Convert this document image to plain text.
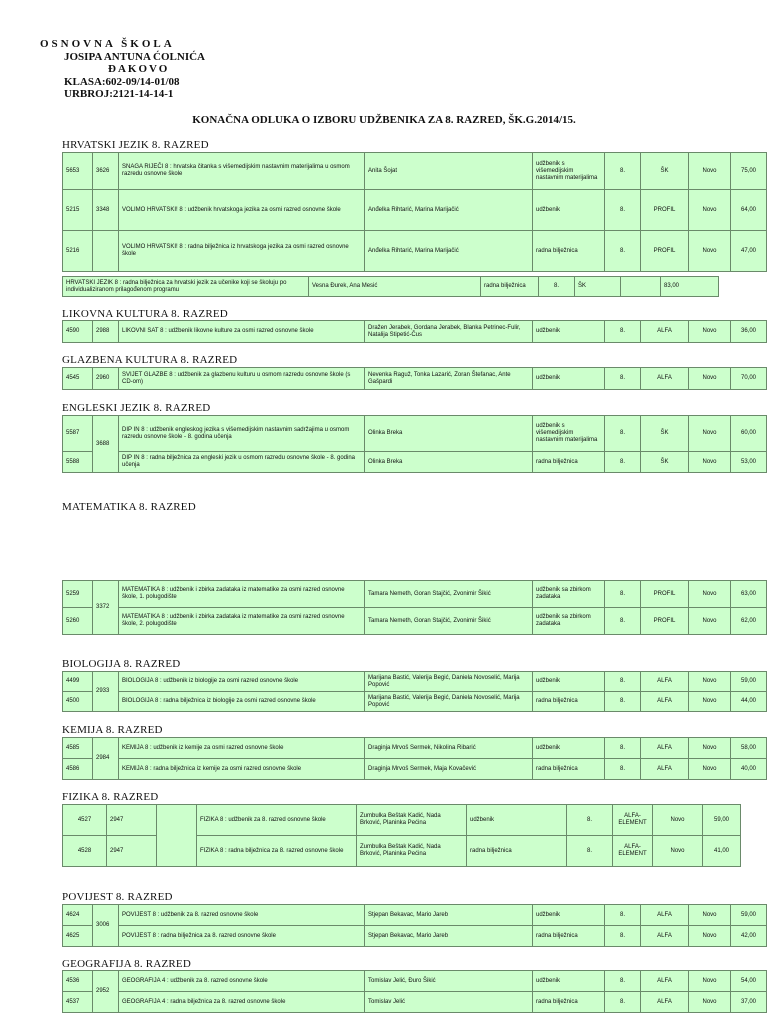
OSNOVNA ŠKOLA
JOSIPA ANTUNA ĆOLNIĆA
ĐAKOVO
KLASA:602-09/14-01/08
URBROJ:2121-14-14-1
KONAČNA ODLUKA O IZBORU UDŽBENIKA ZA 8. RAZRED, ŠK.G.2014/15.
HRVATSKI JEZIK 8. RAZRED
5653	3626	SNAGA RIJEČI 8 : hrvatska čitanka s višemedijskim nastavnim materijalima u osmom razredu osnovne škole	Anita Šojat	udžbenik s višemedijskim nastavnim materijalima	8.	ŠK	Novo	75,00
5215	3348	VOLIMO HRVATSKI! 8 : udžbenik hrvatskoga jezika za osmi razred osnovne škole	Anđelka Rihtarić, Marina Marijačić	udžbenik	8.	PROFIL	Novo	64,00
5216		VOLIMO HRVATSKI! 8 : radna bilježnica iz hrvatskoga jezika za osmi razred osnovne škole	Anđelka Rihtarić, Marina Marijačić	radna bilježnica	8.	PROFIL	Novo	47,00
HRVATSKI JEZIK 8 : radna bilježnica za hrvatski jezik za učenike koji se školuju po individualiziranom prilagođenom programu	Vesna Đurek, Ana Mesić	radna bilježnica	8.	ŠK		83,00
LIKOVNA KULTURA 8. RAZRED
4590	2988	LIKOVNI SAT 8 : udžbenik likovne kulture za osmi razred osnovne škole	Dražen Jerabek, Gordana Jerabek, Blanka Petrinec-Fulir, Natalija Stipetić-Čus	udžbenik	8.	ALFA	Novo	36,00
GLAZBENA KULTURA 8. RAZRED
4545	2960	SVIJET GLAZBE 8 : udžbenik za glazbenu kulturu u osmom razredu osnovne škole (s CD-om)	Nevenka Raguž, Tonka Lazarić, Zoran Štefanac, Ante Gašpardi	udžbenik	8.	ALFA	Novo	70,00
ENGLESKI JEZIK 8. RAZRED
5587	3688	DIP IN 8 : udžbenik engleskog jezika s višemedijskim nastavnim sadržajima u osmom razredu osnovne škole - 8. godina učenja	Olinka Breka	udžbenik s višemedijskim nastavnim materijalima	8.	ŠK	Novo	60,00
5588		DIP IN 8 : radna bilježnica za engleski jezik u osmom razredu osnovne škole - 8. godina učenja	Olinka Breka	radna bilježnica	8.	ŠK	Novo	53,00
MATEMATIKA 8. RAZRED
5259	3372	MATEMATIKA 8 : udžbenik i zbirka zadataka iz matematike za osmi razred osnovne škole, 1. polugodište	Tamara Nemeth, Goran Stajčić, Zvonimir Šikić	udžbenik sa zbirkom zadataka	8.	PROFIL	Novo	63,00
5260		MATEMATIKA 8 : udžbenik i zbirka zadataka iz matematike za osmi razred osnovne škole, 2. polugodište	Tamara Nemeth, Goran Stajčić, Zvonimir Šikić	udžbenik sa zbirkom zadataka	8.	PROFIL	Novo	62,00
BIOLOGIJA 8. RAZRED
4499	2933	BIOLOGIJA 8 : udžbenik iz biologije za osmi razred osnovne škole	Marijana Bastić, Valerija Begić, Daniela Novoselić, Marija Popović	udžbenik	8.	ALFA	Novo	59,00
4500		BIOLOGIJA 8 : radna bilježnica iz biologije za osmi razred osnovne škole	Marijana Bastić, Valerija Begić, Daniela Novoselić, Marija Popović	radna bilježnica	8.	ALFA	Novo	44,00
KEMIJA 8. RAZRED
4585	2984	KEMIJA 8 : udžbenik iz kemije za osmi razred osnovne škole	Draginja Mrvoš Sermek, Nikolina Ribarić	udžbenik	8.	ALFA	Novo	58,00
4586		KEMIJA 8 : radna bilježnica iz kemije za osmi razred osnovne škole	Draginja Mrvoš Sermek, Maja Kovačević	radna bilježnica	8.	ALFA	Novo	40,00
FIZIKA 8. RAZRED
4527	2947		FIZIKA 8 : udžbenik za 8. razred osnovne škole	Zumbulka Beštak Kadić, Nada Brković, Planinka Pećina	udžbenik	8.	ALFA-ELEMENT	Novo	59,00
4528	2947		FIZIKA 8 : radna bilježnica za 8. razred osnovne škole	Zumbulka Beštak Kadić, Nada Brković, Planinka Pećina	radna bilježnica	8.	ALFA-ELEMENT	Novo	41,00
POVIJEST 8. RAZRED
4624	3006	POVIJEST 8 : udžbenik za 8. razred osnovne škole	Stjepan Bekavac, Mario Jareb	udžbenik	8.	ALFA	Novo	59,00
4625		POVIJEST 8 : radna bilježnica za 8. razred osnovne škole	Stjepan Bekavac, Mario Jareb	radna bilježnica	8.	ALFA	Novo	42,00
GEOGRAFIJA 8. RAZRED
4536	2952	GEOGRAFIJA 4 : udžbenik za 8. razred osnovne škole	Tomislav Jelić, Đuro Šikić	udžbenik	8.	ALFA	Novo	54,00
4537		GEOGRAFIJA 4 : radna bilježnica za 8. razred osnovne škole	Tomislav Jelić	radna bilježnica	8.	ALFA	Novo	37,00
